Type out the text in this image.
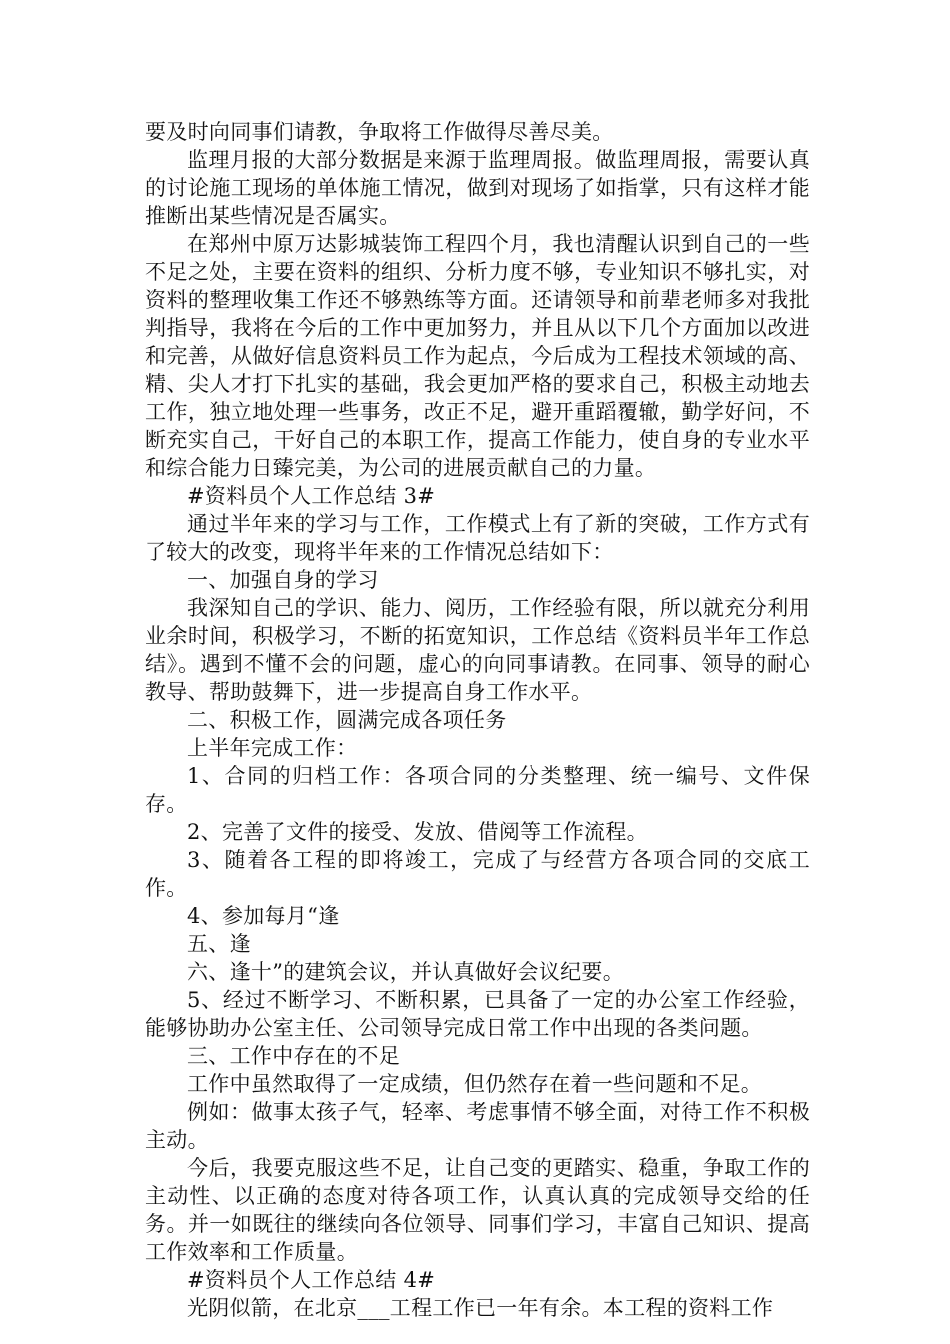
要及时向同事们请教，争取将工作做得尽善尽美。

监理月报的大部分数据是来源于监理周报。做监理周报，需要认真的讨论施工现场的单体施工情况，做到对现场了如指掌，只有这样才能推断出某些情况是否属实。

在郑州中原万达影城装饰工程四个月，我也清醒认识到自己的一些不足之处，主要在资料的组织、分析力度不够，专业知识不够扎实，对资料的整理收集工作还不够熟练等方面。还请领导和前辈老师多对我批判指导，我将在今后的工作中更加努力，并且从以下几个方面加以改进和完善，从做好信息资料员工作为起点，今后成为工程技术领域的高、精、尖人才打下扎实的基础，我会更加严格的要求自己，积极主动地去工作，独立地处理一些事务，改正不足，避开重蹈覆辙，勤学好问，不断充实自己，干好自己的本职工作，提高工作能力，使自身的专业水平和综合能力日臻完美，为公司的进展贡献自己的力量。

#资料员个人工作总结 3#

通过半年来的学习与工作，工作模式上有了新的突破，工作方式有了较大的改变，现将半年来的工作情况总结如下：

一、加强自身的学习

我深知自己的学识、能力、阅历，工作经验有限，所以就充分利用业余时间，积极学习，不断的拓宽知识，工作总结《资料员半年工作总结》。遇到不懂不会的问题，虚心的向同事请教。在同事、领导的耐心教导、帮助鼓舞下，进一步提高自身工作水平。

二、积极工作，圆满完成各项任务

上半年完成工作：

1、合同的归档工作：各项合同的分类整理、统一编号、文件保存。

2、完善了文件的接受、发放、借阅等工作流程。

3、随着各工程的即将竣工，完成了与经营方各项合同的交底工作。

4、参加每月“逢

五、逢

六、逢十”的建筑会议，并认真做好会议纪要。

5、经过不断学习、不断积累，已具备了一定的办公室工作经验，能够协助办公室主任、公司领导完成日常工作中出现的各类问题。

三、工作中存在的不足

工作中虽然取得了一定成绩，但仍然存在着一些问题和不足。

例如：做事太孩子气，轻率、考虑事情不够全面，对待工作不积极主动。

今后，我要克服这些不足，让自己变的更踏实、稳重，争取工作的主动性、以正确的态度对待各项工作，认真认真的完成领导交给的任务。并一如既往的继续向各位领导、同事们学习，丰富自己知识、提高工作效率和工作质量。

#资料员个人工作总结 4#

光阴似箭，在北京___工程工作已一年有余。本工程的资料工作
